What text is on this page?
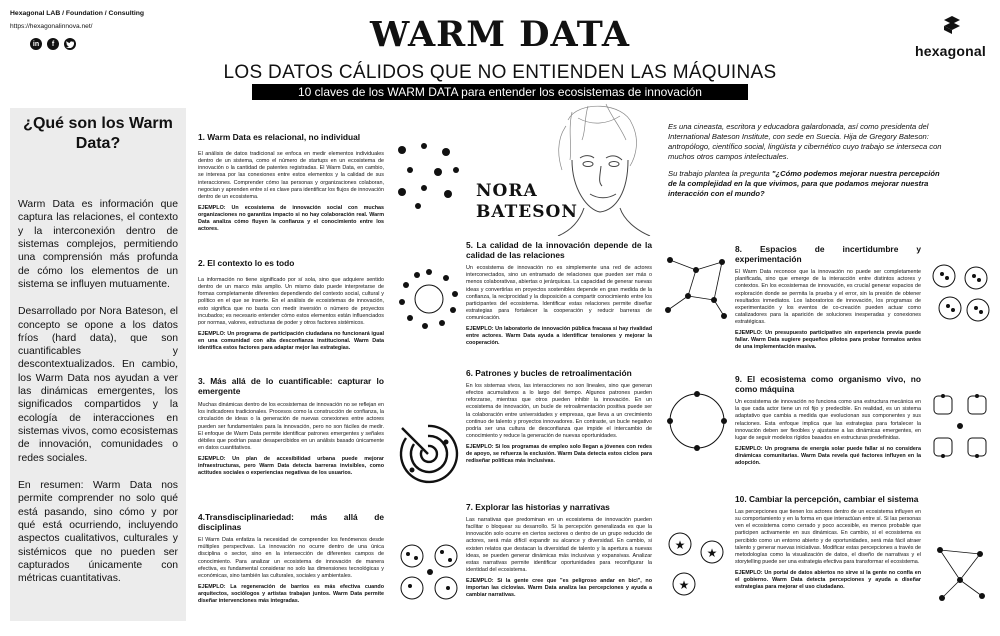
Hexagonal LAB / Foundation / Consulting
https://hexagonalinnova.net/
in	f	WARM DATA
LOS DATOS CÁLIDOS QUE NO ENTIENDEN LAS MÁQUINAS
10 claves de los WARM DATA para entender los ecosistemas de innovación
hexagonal
¿Qué son los Warm Data?
Warm Data es información que captura las relaciones, el contexto y la interconexión dentro de sistemas complejos, permitiendo una comprensión más profunda de cómo los elementos de un sistema se influyen mutuamente.
Desarrollado por Nora Bateson, el concepto se opone a los datos fríos (hard data), que son cuantificables y descontextualizados. En cambio, los Warm Data nos ayudan a ver las dinámicas emergentes, los significados compartidos y la ecología de interacciones en sistemas vivos, como ecosistemas de innovación, comunidades o redes sociales.
En resumen: Warm Data nos permite comprender no solo qué está pasando, sino cómo y por qué está ocurriendo, incluyendo aspectos cualitativos, culturales y sistémicos que no pueden ser capturados únicamente con métricas cuantitativas.
NORA
BATESON

Es una cineasta, escritora y educadora galardonada, así como presidenta del International Bateson Institute, con sede en Suecia. Hija de Gregory Bateson: antropólogo, científico social, lingüista y cibernético cuyo trabajo se interseca con muchos otros campos intelectuales.

Su trabajo plantea la pregunta "¿Cómo podemos mejorar nuestra percepción de la complejidad en la que vivimos, para que podamos mejorar nuestra interacción con el mundo?

1. Warm Data es relacional, no individual

El análisis de datos tradicional se enfoca en medir elementos individuales dentro de un sistema, como el número de startups en un ecosistema de innovación o la cantidad de patentes registradas. El Warm Data, en cambio, se interesa por las conexiones entre estos elementos y la calidad de sus interacciones. Comprender cómo las personas y organizaciones colaboran, negocian y aprenden entre sí es clave para identificar los flujos de innovación dentro de un ecosistema.

EJEMPLO: Un ecosistema de innovación social con muchas organizaciones no garantiza impacto si no hay colaboración real. Warm Data analiza cómo fluyen la confianza y el conocimiento entre los actores.

2. El contexto lo es todo

La información no tiene significado por sí sola, sino que adquiere sentido dentro de un marco más amplio. Un mismo dato puede interpretarse de formas completamente diferentes dependiendo del contexto social, cultural y político en el que se inserte. En el análisis de ecosistemas de innovación, esto significa que no basta con medir inversión o número de proyectos incubados; es necesario entender cómo estos elementos están influenciados por normas, valores, estructuras de poder y otros factores sistémicos.

EJEMPLO: Un programa de participación ciudadana no funcionará igual en una comunidad con alta desconfianza institucional. Warm Data identifica estos factores para adaptar mejor las estrategias.

3. Más allá de lo cuantificable: capturar lo emergente

Muchas dinámicas dentro de los ecosistemas de innovación no se reflejan en los indicadores tradicionales. Procesos como la construcción de confianza, la circulación de ideas o la generación de nuevas conexiones entre actores pueden ser fundamentales para la innovación, pero no son fáciles de medir. El enfoque de Warm Data permite identificar patrones emergentes y señales débiles que podrían pasar desapercibidos en un análisis basado únicamente en datos cuantitativos.

EJEMPLO: Un plan de accesibilidad urbana puede mejorar infraestructuras, pero Warm Data detecta barreras invisibles, como actitudes sociales o experiencias negativas de los usuarios.

4.Transdisciplinariedad: más allá de disciplinas

El Warm Data enfatiza la necesidad de comprender los fenómenos desde múltiples perspectivas. La innovación no ocurre dentro de una única disciplina o sector, sino en la intersección de diferentes campos de conocimiento. Para analizar un ecosistema de innovación de manera efectiva, es fundamental considerar no solo las dimensiones tecnológicas y económicas, sino también las culturales, sociales y ambientales.

EJEMPLO: La regeneración de barrios es más efectiva cuando arquitectos, sociólogos y artistas trabajan juntos. Warm Data permite diseñar intervenciones más integradas.

5. La calidad de la innovación depende de la calidad de las relaciones

Un ecosistema de innovación no es simplemente una red de actores interconectados, sino un entramado de relaciones que pueden ser más o menos colaborativas, abiertas o jerárquicas. La capacidad de generar nuevas ideas y convertirlas en proyectos sostenibles depende en gran medida de la confianza, la reciprocidad y la disposición a compartir conocimiento entre los participantes del ecosistema. Identificar estas relaciones permite diseñar estrategias para fortalecer la cooperación y reducir barreras de comunicación.

EJEMPLO: Un laboratorio de innovación pública fracasa si hay rivalidad entre actores. Warm Data ayuda a identificar tensiones y mejorar la cooperación.

6. Patrones y bucles de retroalimentación

En los sistemas vivos, las interacciones no son lineales, sino que generan efectos acumulativos a lo largo del tiempo. Algunos patrones pueden reforzarse, mientras que otros pueden inhibir la innovación. En un ecosistema de innovación, un bucle de retroalimentación positiva puede ser la colaboración entre universidades y empresas, que lleva a un crecimiento continuo de talento y proyectos innovadores. En contraste, un bucle negativo podría ser una cultura de desconfianza que impide el intercambio de conocimiento y reduce la generación de nuevas oportunidades.

EJEMPLO: Si los programas de empleo solo llegan a jóvenes con redes de apoyo, se refuerza la exclusión. Warm Data detecta estos ciclos para rediseñar políticas más inclusivas.

7. Explorar las historias y narrativas

Las narrativas que predominan en un ecosistema de innovación pueden facilitar o bloquear su desarrollo. Si la percepción generalizada es que la innovación solo ocurre en ciertos sectores o dentro de un grupo reducido de actores, será más difícil expandir su alcance y diversidad. En cambio, si existen relatos que destacan la diversidad de talento y la apertura a nuevas ideas, se pueden generar dinámicas más inclusivas y expansivas. Analizar estas narrativas permite identificar oportunidades para reconfigurar la identidad del ecosistema.

EJEMPLO: Si la gente cree que "es peligroso andar en bici", no importan las ciclovías. Warm Data analiza las percepciones y ayuda a cambiar narrativas.

8. Espacios de incertidumbre y experimentación

El Warm Data reconoce que la innovación no puede ser completamente planificada, sino que emerge de la interacción entre distintos actores y contextos. En los ecosistemas de innovación, es crucial generar espacios de exploración donde se permita la prueba y el error, sin la presión de obtener resultados inmediatos. Los laboratorios de innovación, los programas de experimentación y los eventos de co-creación pueden actuar como catalizadores para la aparición de soluciones inesperadas y conexiones estratégicas.

EJEMPLO: Un presupuesto participativo sin experiencia previa puede fallar. Warm Data sugiere pequeños pilotos para probar formatos antes de una implementación masiva.

9. El ecosistema como organismo vivo, no como máquina

Un ecosistema de innovación no funciona como una estructura mecánica en la que cada actor tiene un rol fijo y predecible. En realidad, es un sistema adaptativo que cambia a medida que evolucionan sus componentes y sus relaciones. Esta enfoque implica que las estrategias para fortalecer la innovación deben ser flexibles y ajustarse a las dinámicas emergentes, en lugar de seguir modelos rígidos basados en estructuras predefinidas.

EJEMPLO: Un programa de energía solar puede fallar si no considera dinámicas comunitarias. Warm Data revela qué factores influyen en la adopción.

10. Cambiar la percepción, cambiar el sistema

Las percepciones que tienen los actores dentro de un ecosistema influyen en su comportamiento y en la forma en que interactúan entre sí. Si las personas ven el ecosistema como cerrado y poco accesible, es menos probable que participen activamente en sus dinámicas. En cambio, si el ecosistema es percibido como un entorno abierto y de oportunidades, será más fácil atraer talento y generar nuevas iniciativas. Modificar estas percepciones a través de metodologías como la visualización de datos, el diseño de narrativas y el storytelling puede ser una estrategia efectiva para transformar el ecosistema.

EJEMPLO: Un portal de datos abiertos no sirve si la gente no confía en el gobierno. Warm Data detecta percepciones y ayuda a diseñar estrategias para mejorar el uso ciudadano.

★
★
★
